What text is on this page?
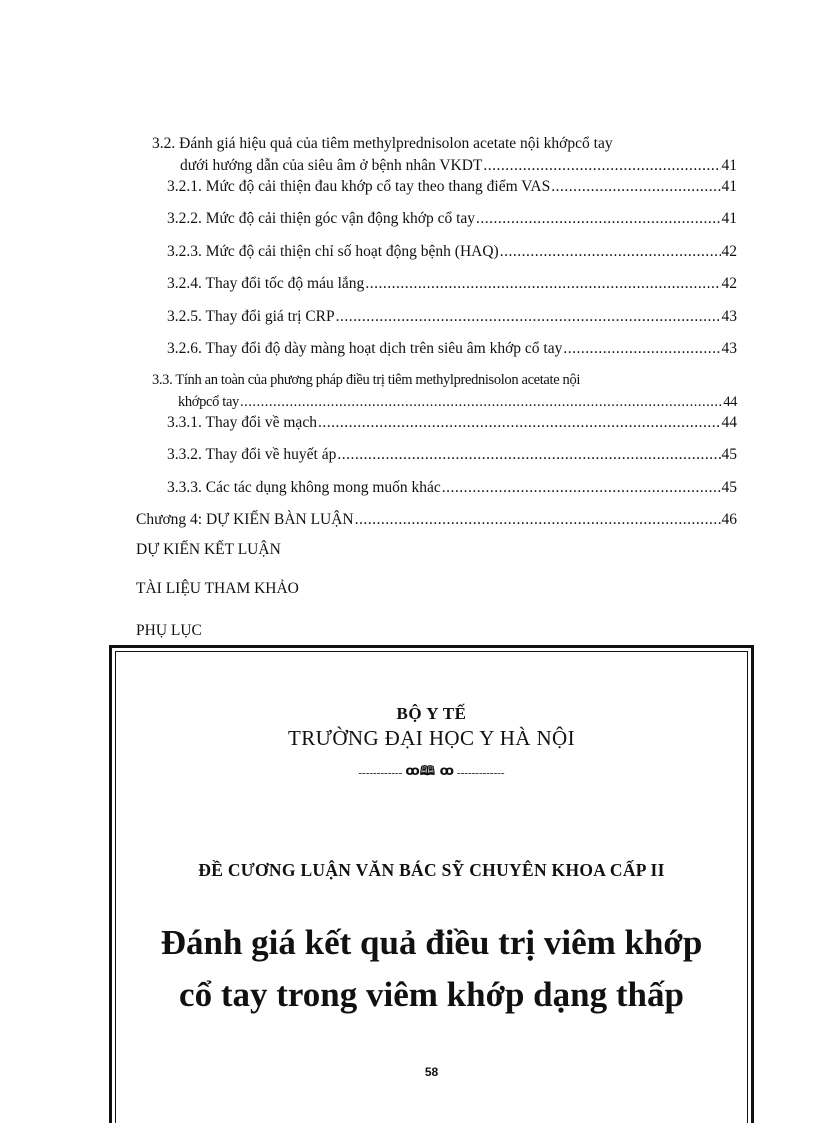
3.2. Đánh giá hiệu quả của tiêm methylprednisolon acetate nội khớpcổ tay
dưới hướng dẫn của siêu âm ở bệnh nhân VKDT .....	41
3.2.1. Mức độ cải thiện đau khớp cổ tay theo thang điểm VAS .....	41
3.2.2. Mức độ cải thiện góc vận động khớp cổ tay .....	41
3.2.3. Mức độ cải thiện chỉ số hoạt động bệnh (HAQ) .....	42
3.2.4. Thay đổi tốc độ máu lắng .....	42
3.2.5. Thay đổi giá trị CRP .....	43
3.2.6. Thay đổi độ dày màng hoạt dịch trên siêu âm khớp cổ tay .....	43
3.3. Tính an toàn của phương pháp điều trị tiêm methylprednisolon acetate nội
khớpcổ tay .....	44
3.3.1. Thay đổi về mạch .....	44
3.3.2. Thay đổi về huyết áp .....	45
3.3.3. Các tác dụng không mong muốn khác .....	45
Chương 4: DỰ KIẾN BÀN LUẬN .....	46
DỰ KIẾN KẾT LUẬN
TÀI LIỆU THAM KHẢO
PHỤ LỤC
BỘ Y TẾ
TRƯỜNG ĐẠI HỌC Y HÀ NỘI
------------ ꝏ🕮 ꝏ -------------
ĐỀ CƯƠNG LUẬN VĂN BÁC SỸ CHUYÊN KHOA CẤP II
Đánh giá kết quả điều trị viêm khớp
cổ tay trong viêm khớp dạng thấp
58
